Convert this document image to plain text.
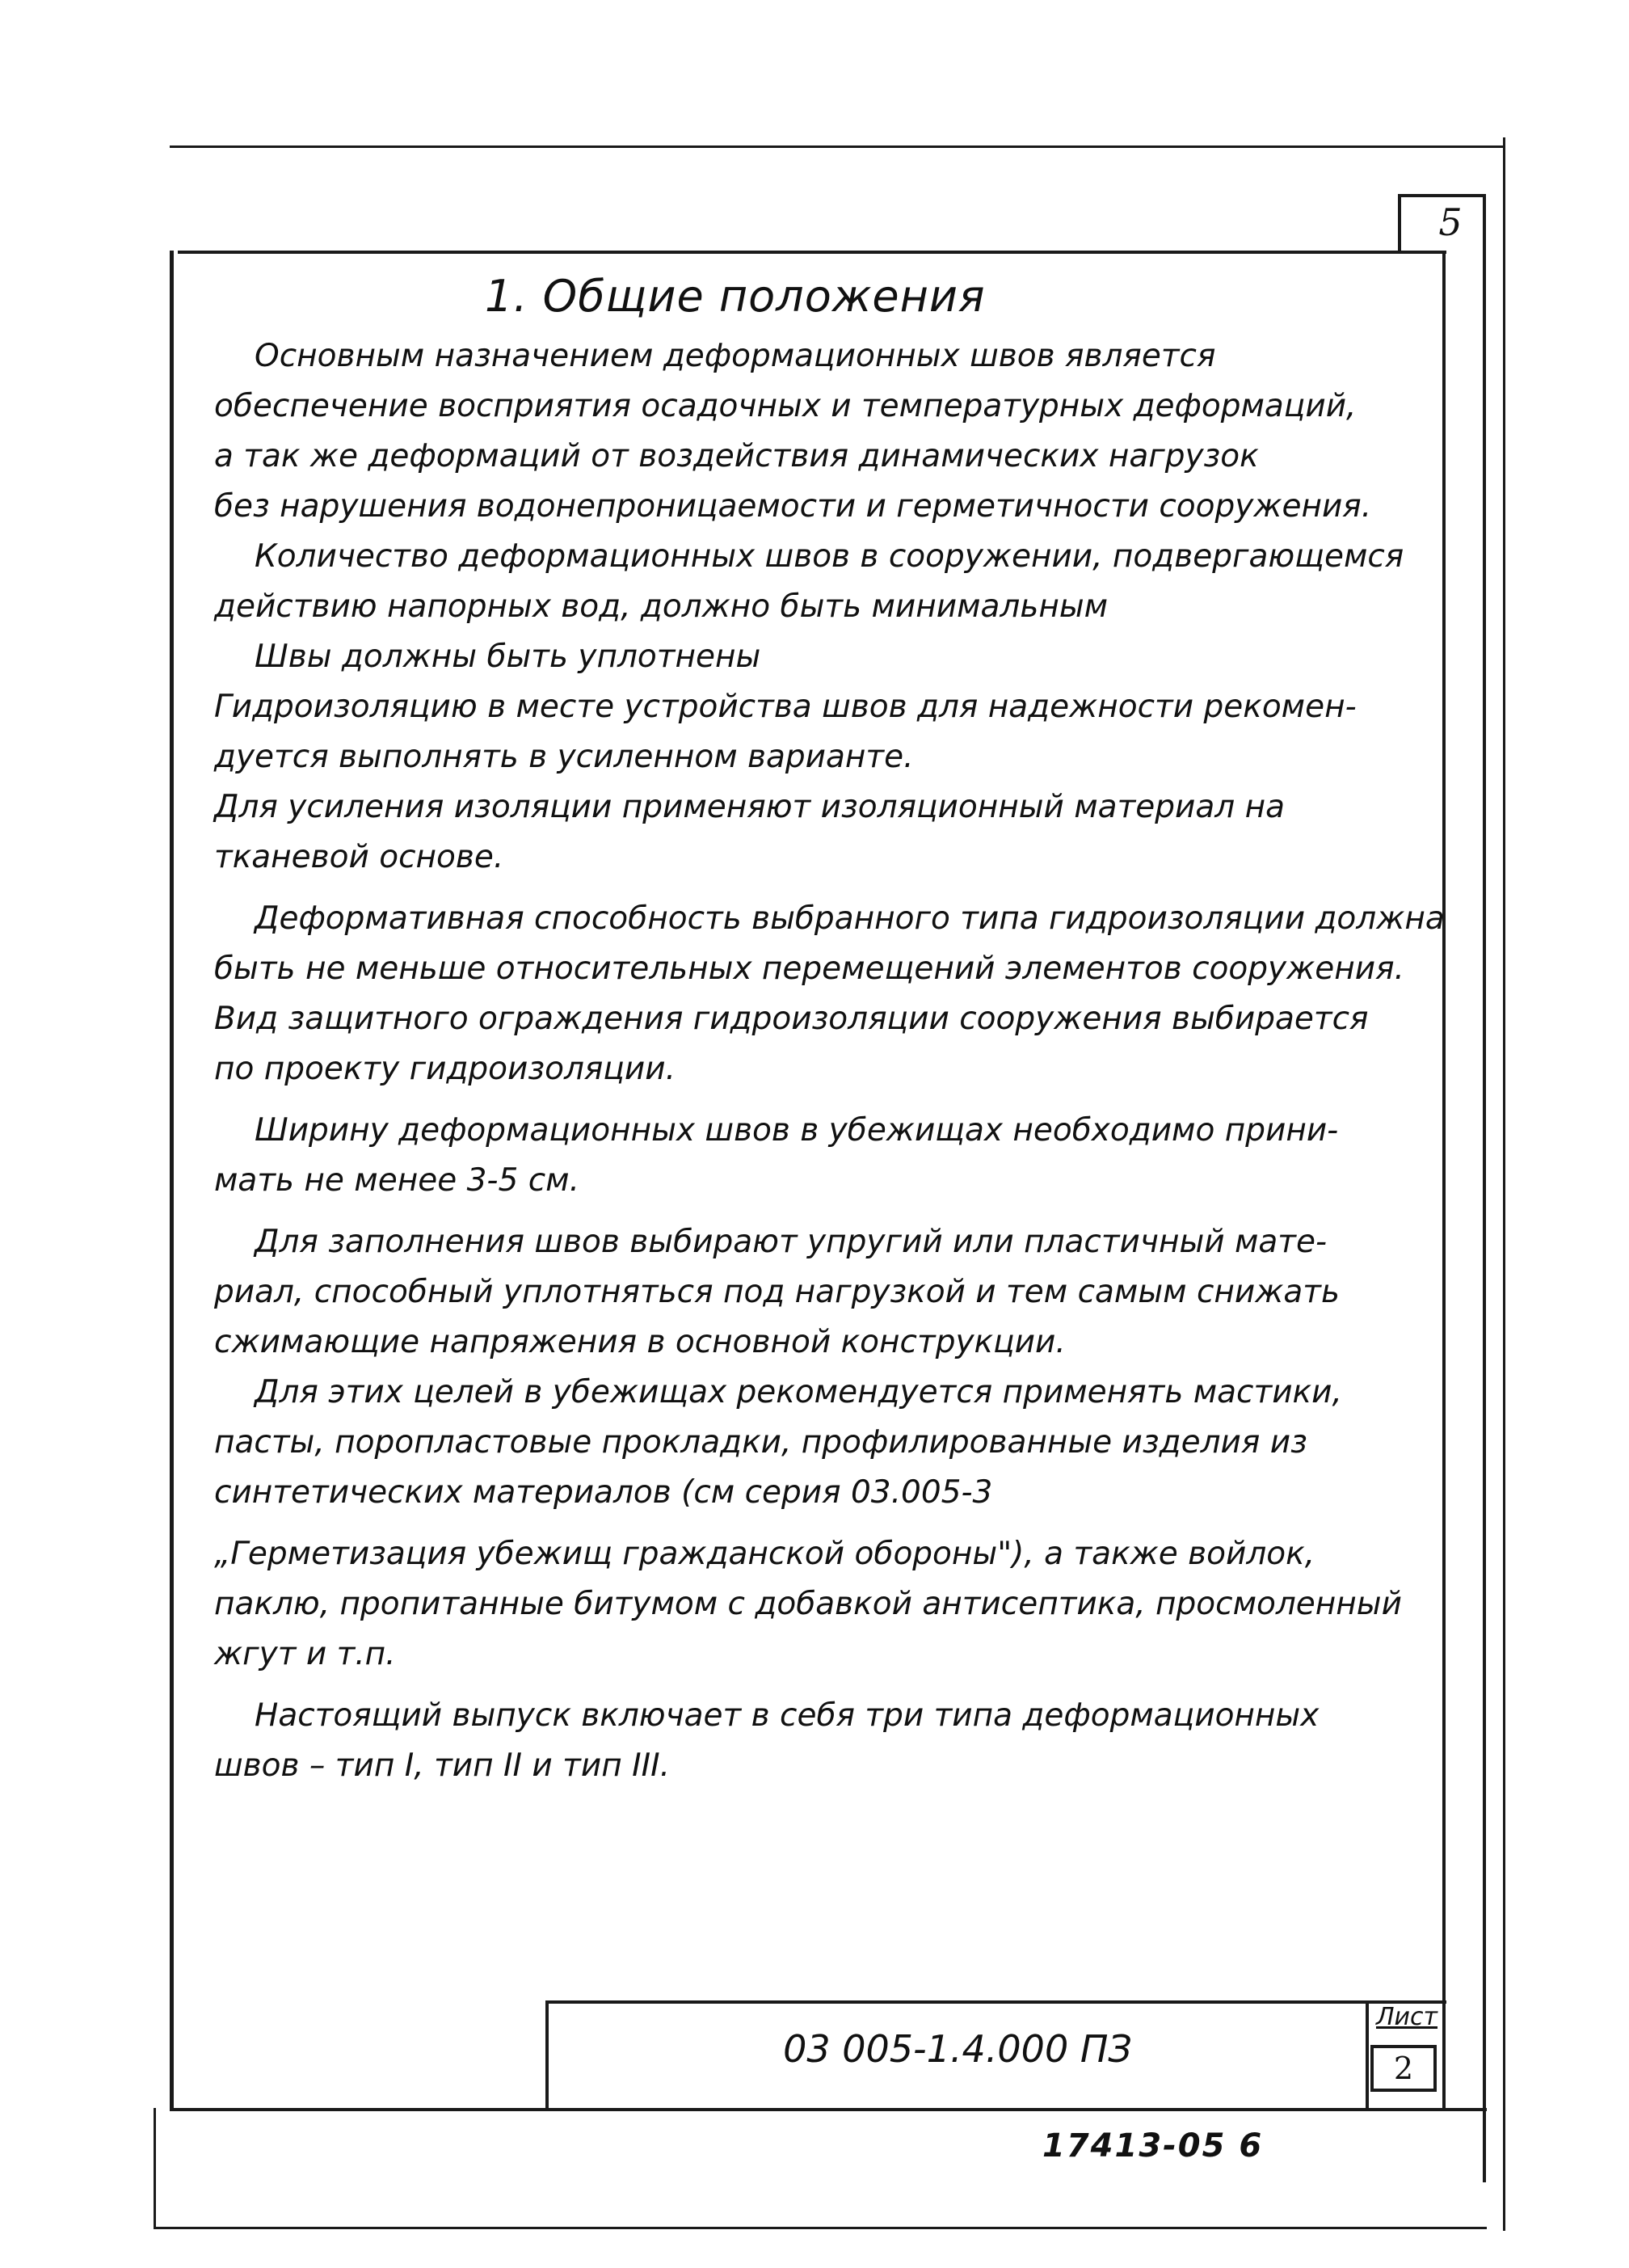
5
1. Общие положения

Основным назначением деформационных швов является

обеспечение восприятия осадочных и температурных деформаций,

а так же деформаций от воздействия динамических нагрузок

без нарушения водонепроницаемости и герметичности сооружения.

Количество деформационных швов в сооружении, подвергающемся

действию напорных вод, должно быть минимальным

Швы должны быть уплотнены

Гидроизоляцию в месте устройства швов для надежности рекомен-

дуется выполнять в усиленном варианте.

Для усиления изоляции применяют изоляционный материал на

тканевой основе.

Деформативная способность выбранного типа гидроизоляции должна

быть не меньше относительных перемещений элементов сооружения.

Вид защитного ограждения гидроизоляции сооружения выбирается

по проекту гидроизоляции.

Ширину деформационных швов в убежищах необходимо прини-

мать не менее 3-5 см.

Для заполнения швов выбирают упругий или пластичный мате-

риал, способный уплотняться под нагрузкой и тем самым снижать

сжимающие напряжения в основной конструкции.

Для этих целей в убежищах рекомендуется применять мастики,

пасты, поропластовые прокладки, профилированные изделия из

синтетических материалов (см серия 03.005-3

„Герметизация убежищ гражданской обороны"), а также войлок,

паклю, пропитанные битумом с добавкой антисептика, просмоленный

жгут и т.п.

Настоящий выпуск включает в себя три типа деформационных

швов – тип I, тип II и тип III.

03 005-1.4.000 ПЗ
Лист
2
17413-05 6
